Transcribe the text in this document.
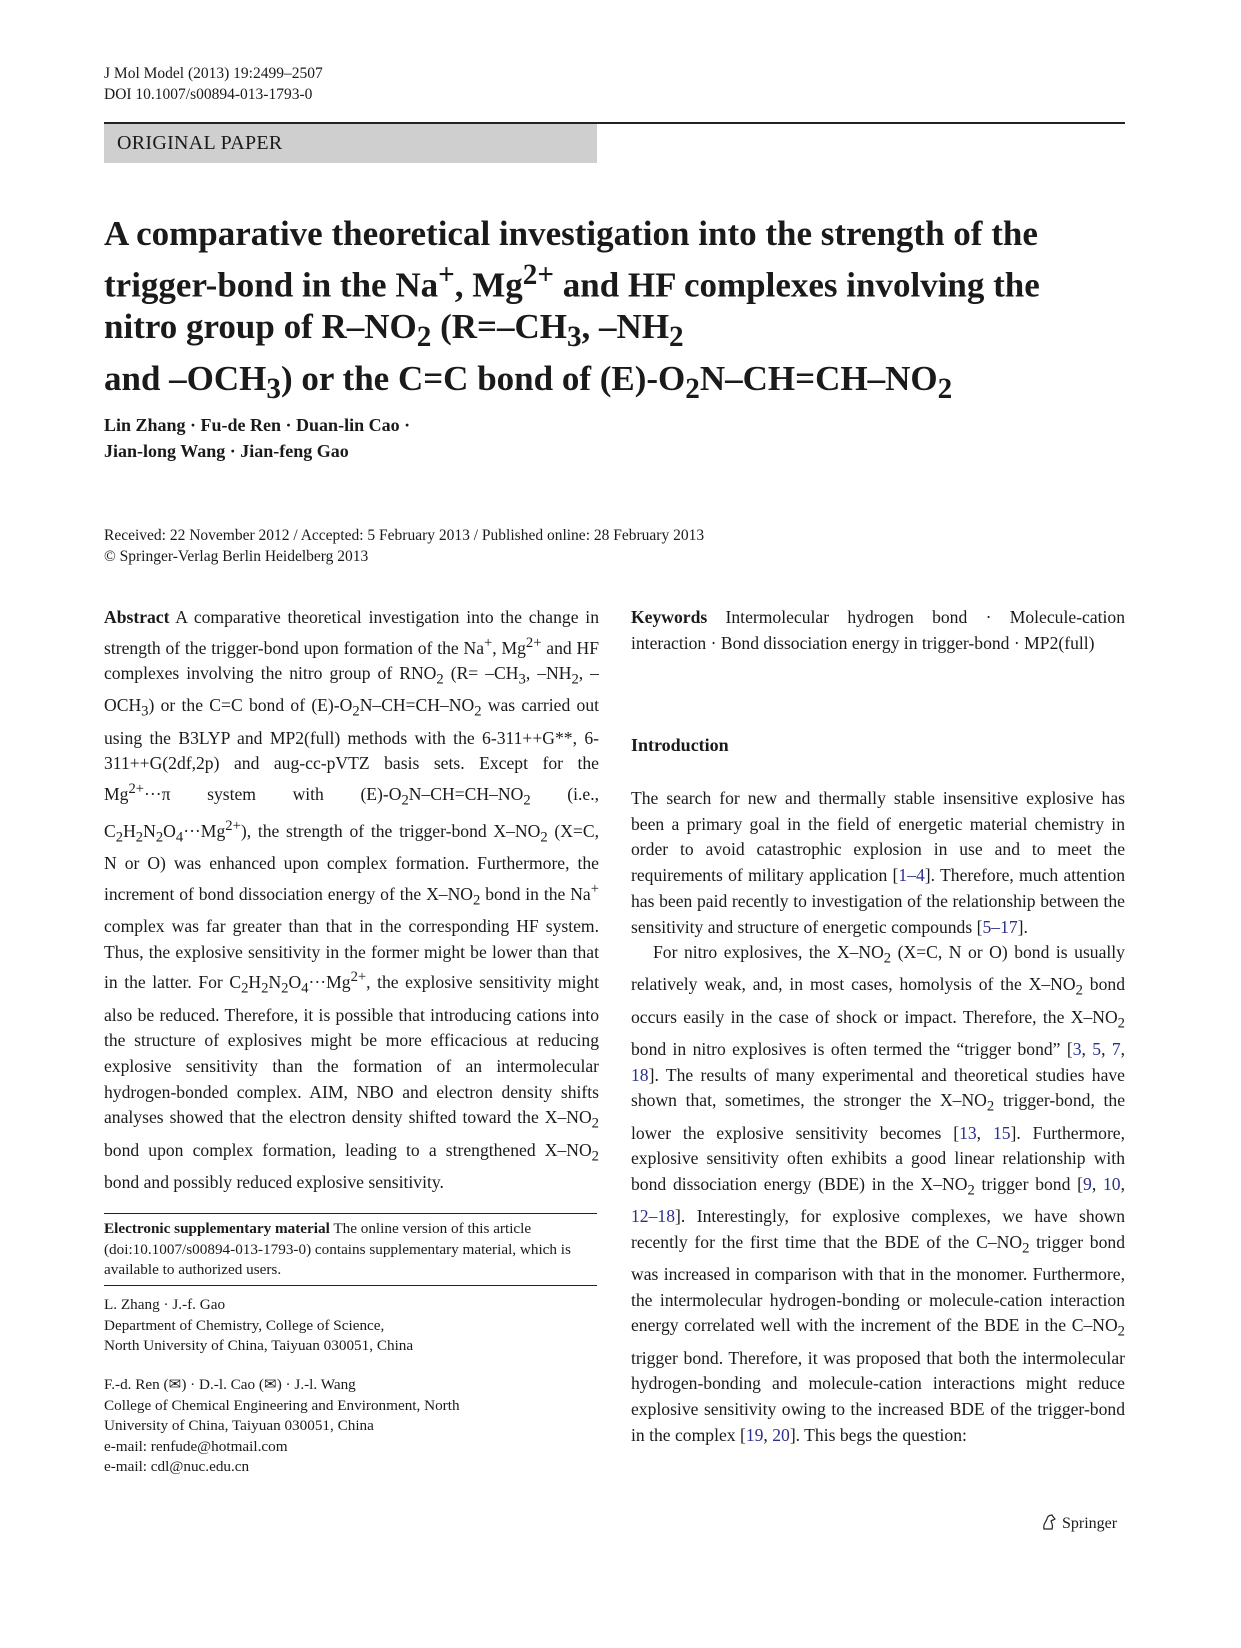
J Mol Model (2013) 19:2499–2507
DOI 10.1007/s00894-013-1793-0
ORIGINAL PAPER
A comparative theoretical investigation into the strength of the trigger-bond in the Na+, $Mg^{2+}$ and HF complexes involving the nitro group of $R-NO_2$ ($R=-CH_3$, $-NH_2$
and $-OCH_3$) or the C=C bond of $(E)-O_2N-CH=CH-NO_2$
Lin Zhang · Fu-de Ren · Duan-lin Cao ·
Jian-long Wang · Jian-feng Gao
Received: 22 November 2012 / Accepted: 5 February 2013 / Published online: 28 February 2013
© Springer-Verlag Berlin Heidelberg 2013
Abstract A comparative theoretical investigation into the change in strength of the trigger-bond upon formation of the Na+, $Mg^{2+}$ and HF complexes involving the nitro group of $RNO_2$ ($R= -CH_3$, $-NH_2$, $-OCH_3$) or the C=C bond of $(E)-O_2N-CH=CH-NO_2$ was carried out using the B3LYP and MP2(full) methods with the 6-311++G**, 6-311++G(2df,2p) and aug-cc-pVTZ basis sets. Except for the $Mg^{2+}\cdot\cdot\cdot\pi$ system with $(E)-O_2N-CH=CH-NO_2$ (i.e., $C_2H_2N_2O_4\cdot\cdot\cdot Mg^{2+}$), the strength of the trigger-bond $X-NO_2$ (X=C, N or O) was enhanced upon complex formation. Furthermore, the increment of bond dissociation energy of the $X-NO_2$ bond in the Na+ complex was far greater than that in the corresponding HF system. Thus, the explosive sensitivity in the former might be lower than that in the latter. For $C_2H_2N_2O_4\cdot\cdot\cdot Mg^{2+}$, the explosive sensitivity might also be reduced. Therefore, it is possible that introducing cations into the structure of explosives might be more efficacious at reducing explosive sensitivity than the formation of an intermolecular hydrogen-bonded complex. AIM, NBO and electron density shifts analyses showed that the electron density shifted toward the $X-NO_2$ bond upon complex formation, leading to a strengthened $X-NO_2$ bond and possibly reduced explosive sensitivity.
Electronic supplementary material The online version of this article (doi:10.1007/s00894-013-1793-0) contains supplementary material, which is available to authorized users.
L. Zhang · J.-f. Gao
Department of Chemistry, College of Science,
North University of China, Taiyuan 030051, China
F.-d. Ren (✉) · D.-l. Cao (✉) · J.-l. Wang
College of Chemical Engineering and Environment, North
University of China, Taiyuan 030051, China
e-mail: renfude@hotmail.com
e-mail: cdl@nuc.edu.cn
Keywords Intermolecular hydrogen bond · Molecule-cation interaction · Bond dissociation energy in trigger-bond · MP2(full)
Introduction

The search for new and thermally stable insensitive explosive has been a primary goal in the field of energetic material chemistry in order to avoid catastrophic explosion in use and to meet the requirements of military application [1–4]. Therefore, much attention has been paid recently to investigation of the relationship between the sensitivity and structure of energetic compounds [5–17].

For nitro explosives, the $X-NO_2$ (X=C, N or O) bond is usually relatively weak, and, in most cases, homolysis of the $X-NO_2$ bond occurs easily in the case of shock or impact. Therefore, the $X-NO_2$ bond in nitro explosives is often termed the “trigger bond” [3, 5, 7, 18]. The results of many experimental and theoretical studies have shown that, sometimes, the stronger the $X-NO_2$ trigger-bond, the lower the explosive sensitivity becomes [13, 15]. Furthermore, explosive sensitivity often exhibits a good linear relationship with bond dissociation energy (BDE) in the $X-NO_2$ trigger bond [9, 10, 12–18]. Interestingly, for explosive complexes, we have shown recently for the first time that the BDE of the $C-NO_2$ trigger bond was increased in comparison with that in the monomer. Furthermore, the intermolecular hydrogen-bonding or molecule-cation interaction energy correlated well with the increment of the BDE in the $C-NO_2$ trigger bond. Therefore, it was proposed that both the intermolecular hydrogen-bonding and molecule-cation interactions might reduce explosive sensitivity owing to the increased BDE of the trigger-bond in the complex [19, 20]. This begs the question:

Springer
